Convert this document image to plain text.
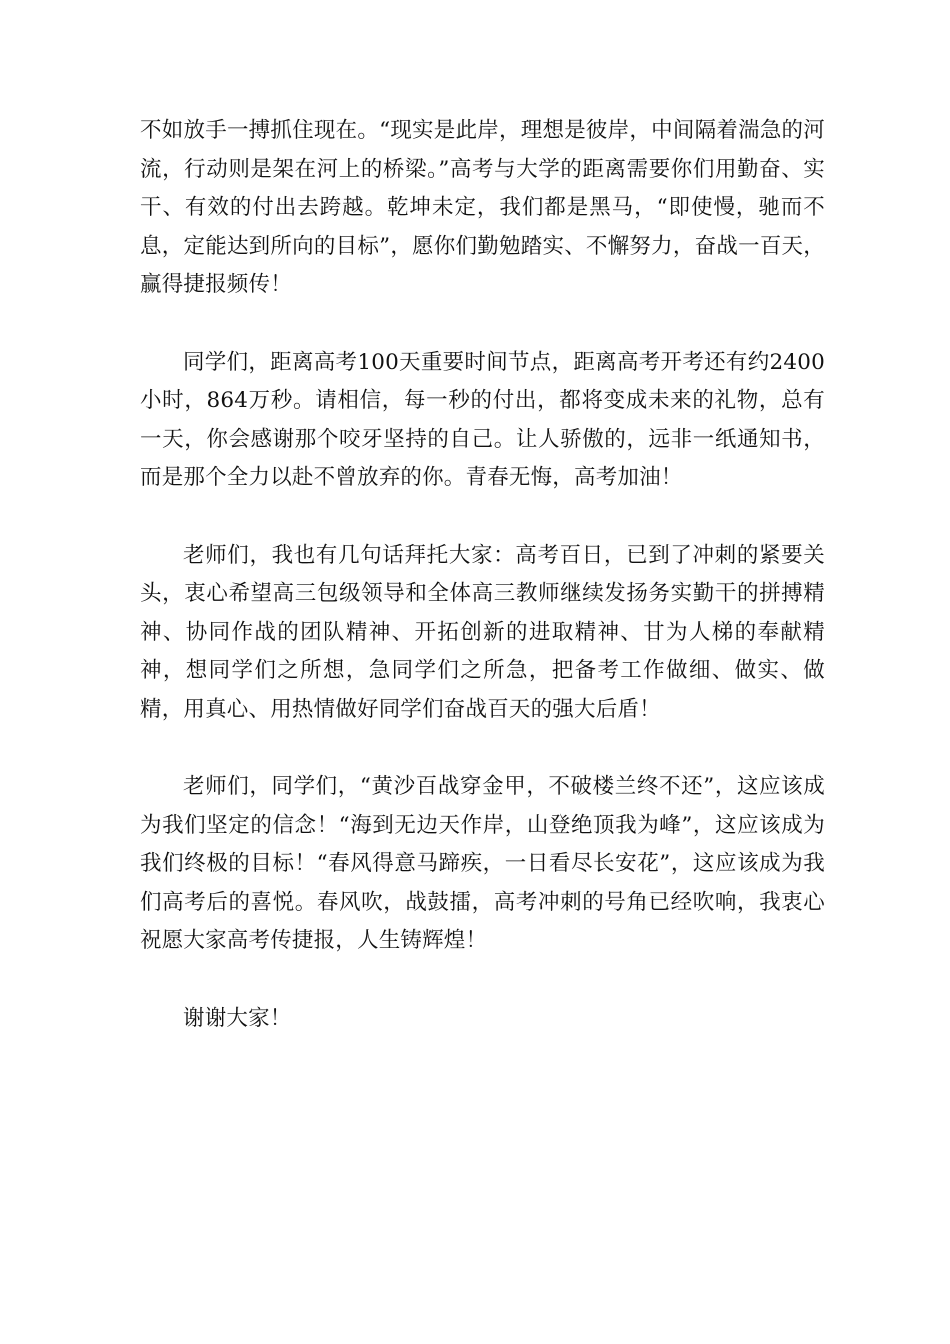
不如放手一搏抓住现在。“现实是此岸，理想是彼岸，中间隔着湍急的河流，行动则是架在河上的桥梁。”高考与大学的距离需要你们用勤奋、实干、有效的付出去跨越。乾坤未定，我们都是黑马，“即使慢，驰而不息，定能达到所向的目标”，愿你们勤勉踏实、不懈努力，奋战一百天，赢得捷报频传！

同学们，距离高考100天重要时间节点，距离高考开考还有约2400小时，864万秒。请相信，每一秒的付出，都将变成未来的礼物，总有一天，你会感谢那个咬牙坚持的自己。让人骄傲的，远非一纸通知书，而是那个全力以赴不曾放弃的你。青春无悔，高考加油！

老师们，我也有几句话拜托大家：高考百日，已到了冲刺的紧要关头，衷心希望高三包级领导和全体高三教师继续发扬务实勤干的拼搏精神、协同作战的团队精神、开拓创新的进取精神、甘为人梯的奉献精神，想同学们之所想，急同学们之所急，把备考工作做细、做实、做精，用真心、用热情做好同学们奋战百天的强大后盾！

老师们，同学们，“黄沙百战穿金甲，不破楼兰终不还”，这应该成为我们坚定的信念！“海到无边天作岸，山登绝顶我为峰”，这应该成为我们终极的目标！“春风得意马蹄疾，一日看尽长安花”，这应该成为我们高考后的喜悦。春风吹，战鼓擂，高考冲刺的号角已经吹响，我衷心祝愿大家高考传捷报，人生铸辉煌！

谢谢大家！
